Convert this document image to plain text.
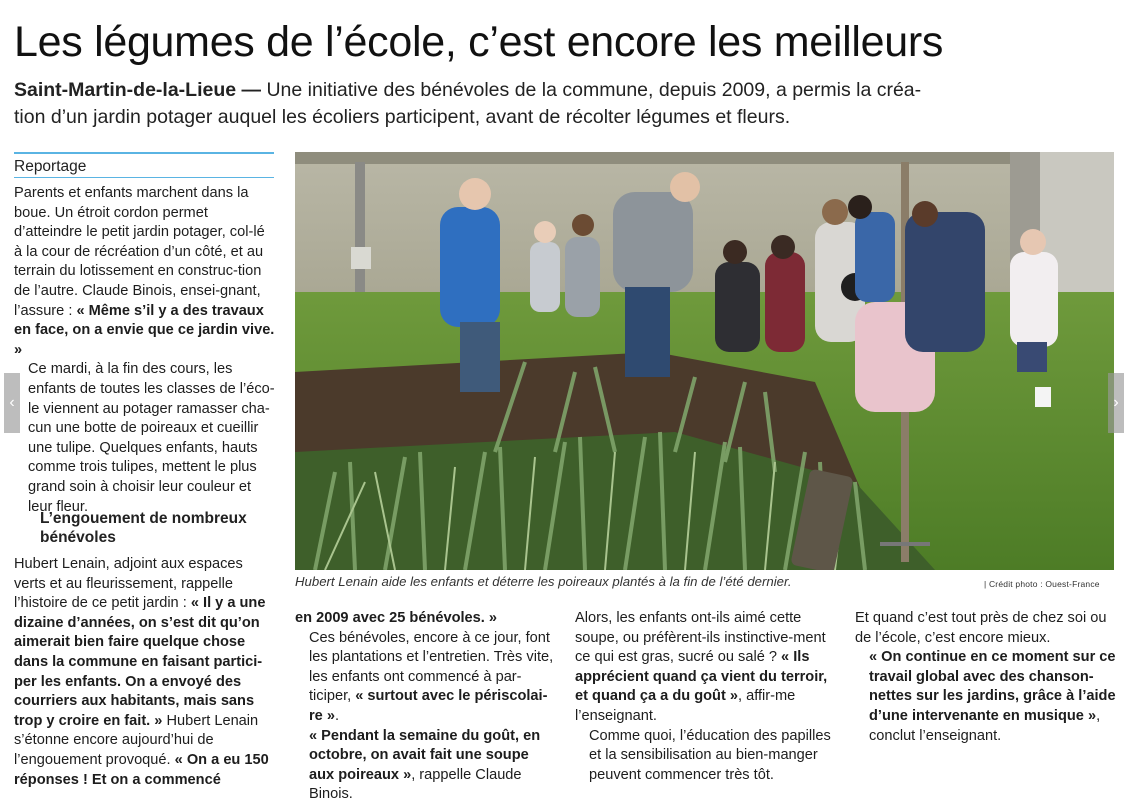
Les légumes de l’école, c’est encore les meilleurs
Saint-Martin-de-la-Lieue — Une initiative des bénévoles de la commune, depuis 2009, a permis la créa-
tion d’un jardin potager auquel les écoliers participent, avant de récolter légumes et fleurs.
Reportage

Parents et enfants marchent dans la boue. Un étroit cordon permet d’atteindre le petit jardin potager, col-lé à la cour de récréation d’un côté, et au terrain du lotissement en construc-tion de l’autre. Claude Binois, ensei-gnant, l’assure : « Même s’il y a des travaux en face, on a envie que ce jardin vive. »

Ce mardi, à la fin des cours, les enfants de toutes les classes de l’éco-le viennent au potager ramasser cha-cun une botte de poireaux et cueillir une tulipe. Quelques enfants, hauts comme trois tulipes, mettent le plus grand soin à choisir leur couleur et leur fleur.

L’engouement de nombreux bénévoles

Hubert Lenain, adjoint aux espaces verts et au fleurissement, rappelle l’histoire de ce petit jardin : « Il y a une dizaine d’années, on s’est dit qu’on aimerait bien faire quelque chose dans la commune en faisant partici-per les enfants. On a envoyé des courriers aux habitants, mais sans trop y croire en fait. » Hubert Lenain s’étonne encore aujourd’hui de l’engouement provoqué. « On a eu 150 réponses ! Et on a commencé

Hubert Lenain aide les enfants et déterre les poireaux plantés à la fin de l’été dernier.	| Crédit photo : Ouest-France

en 2009 avec 25 bénévoles. »

Ces bénévoles, encore à ce jour, font les plantations et l’entretien. Très vite, les enfants ont commencé à par-ticiper, « surtout avec le périscolai-re ».

« Pendant la semaine du goût, en octobre, on avait fait une soupe aux poireaux », rappelle Claude Binois.

Alors, les enfants ont-ils aimé cette soupe, ou préfèrent-ils instinctive-ment ce qui est gras, sucré ou salé ? « Ils apprécient quand ça vient du terroir, et quand ça a du goût », affir-me l’enseignant.

Comme quoi, l’éducation des papilles et la sensibilisation au bien-manger peuvent commencer très tôt.

Et quand c’est tout près de chez soi ou de l’école, c’est encore mieux.

« On continue en ce moment sur ce travail global avec des chanson-nettes sur les jardins, grâce à l’aide d’une intervenante en musique », conclut l’enseignant.

‹	›
